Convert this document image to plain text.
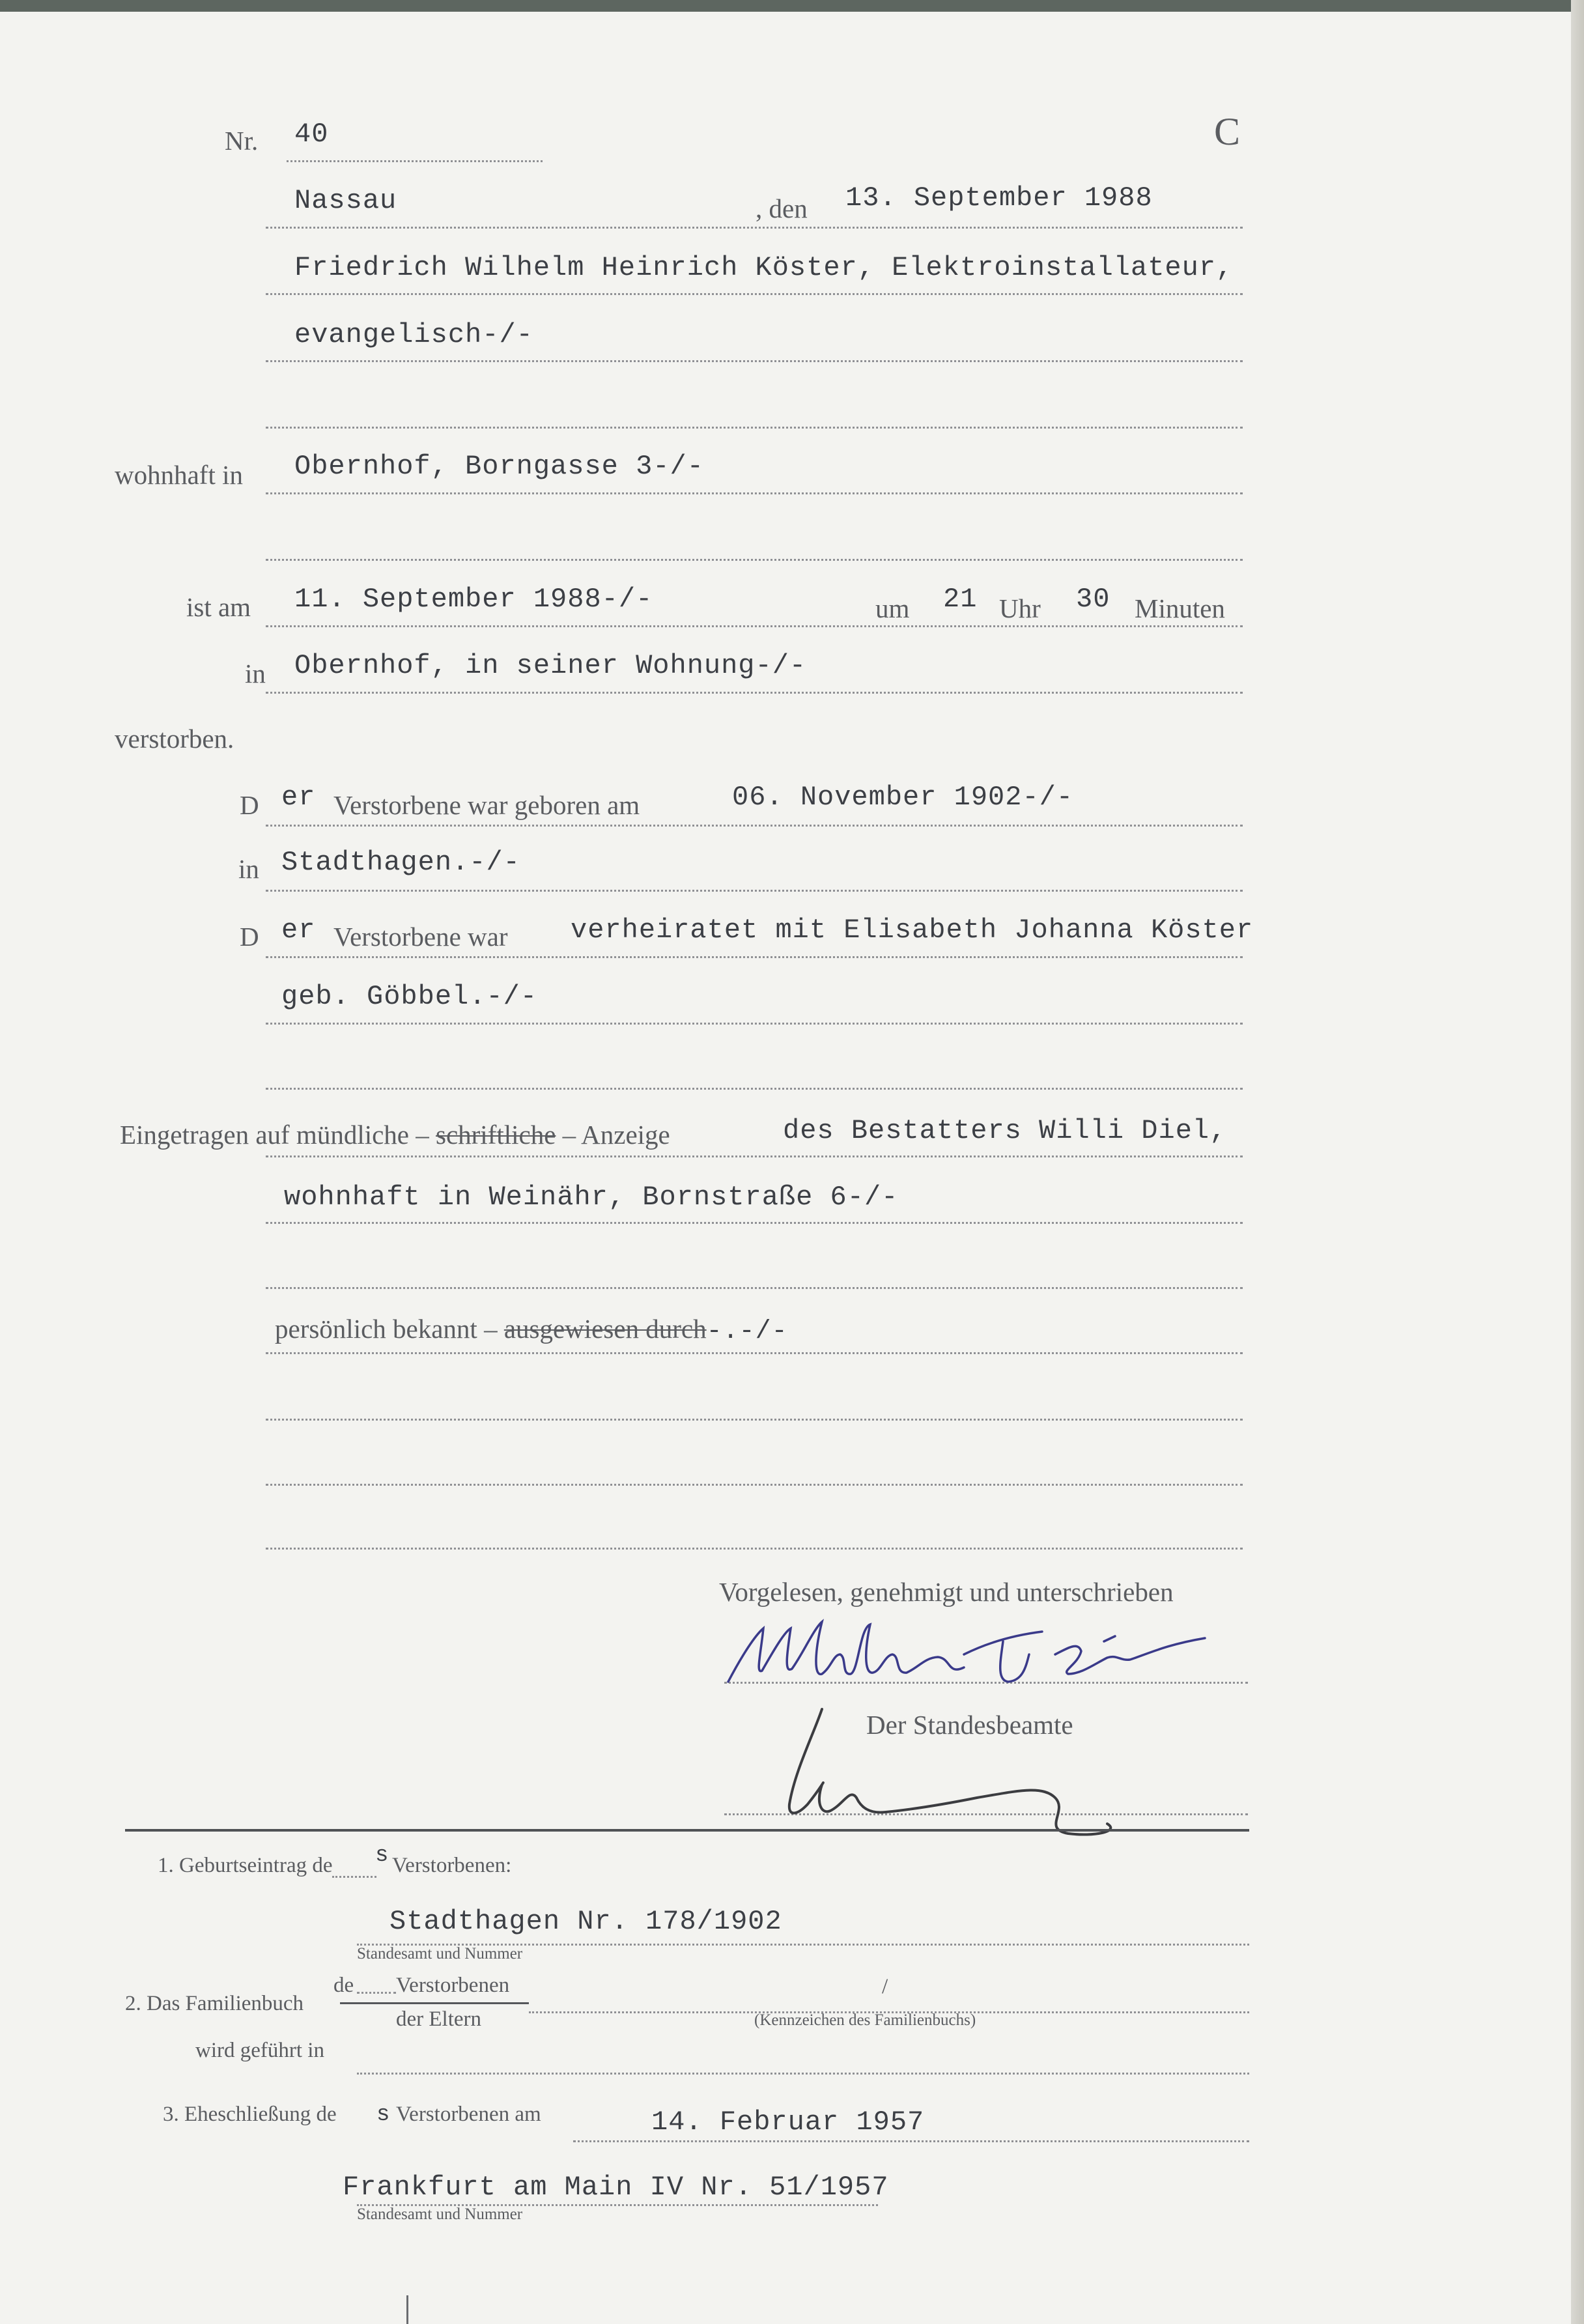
Nr. 40	C
Nassau	, den 13. September 1988
Friedrich Wilhelm Heinrich Köster, Elektroinstallateur,
evangelisch-/-
wohnhaft in Obernhof, Borngasse 3-/-
ist am 11. September 1988-/-	um 21 Uhr 30 Minuten
in Obernhof, in seiner Wohnung-/-
verstorben.
D er Verstorbene war geboren am	06. November 1902-/-
in Stadthagen.-/-
D er Verstorbene war verheiratet mit Elisabeth Johanna Köster
geb. Göbbel.-/-
Eingetragen auf mündliche – schriftliche – Anzeige	des Bestatters Willi Diel,
wohnhaft in Weinähr, Bornstraße 6-/-
persönlich bekannt – ausgewiesen durch-.-/-
Vorgelesen, genehmigt und unterschrieben
Der Standesbeamte
1. Geburtseintrag de s Verstorbenen:
Stadthagen Nr. 178/1902
Standesamt und Nummer
de Verstorbenen	/
2. Das Familienbuch
der Eltern	(Kennzeichen des Familienbuchs)
wird geführt in
3. Eheschließung de s Verstorbenen am	14. Februar 1957
Frankfurt am Main IV Nr. 51/1957
Standesamt und Nummer
